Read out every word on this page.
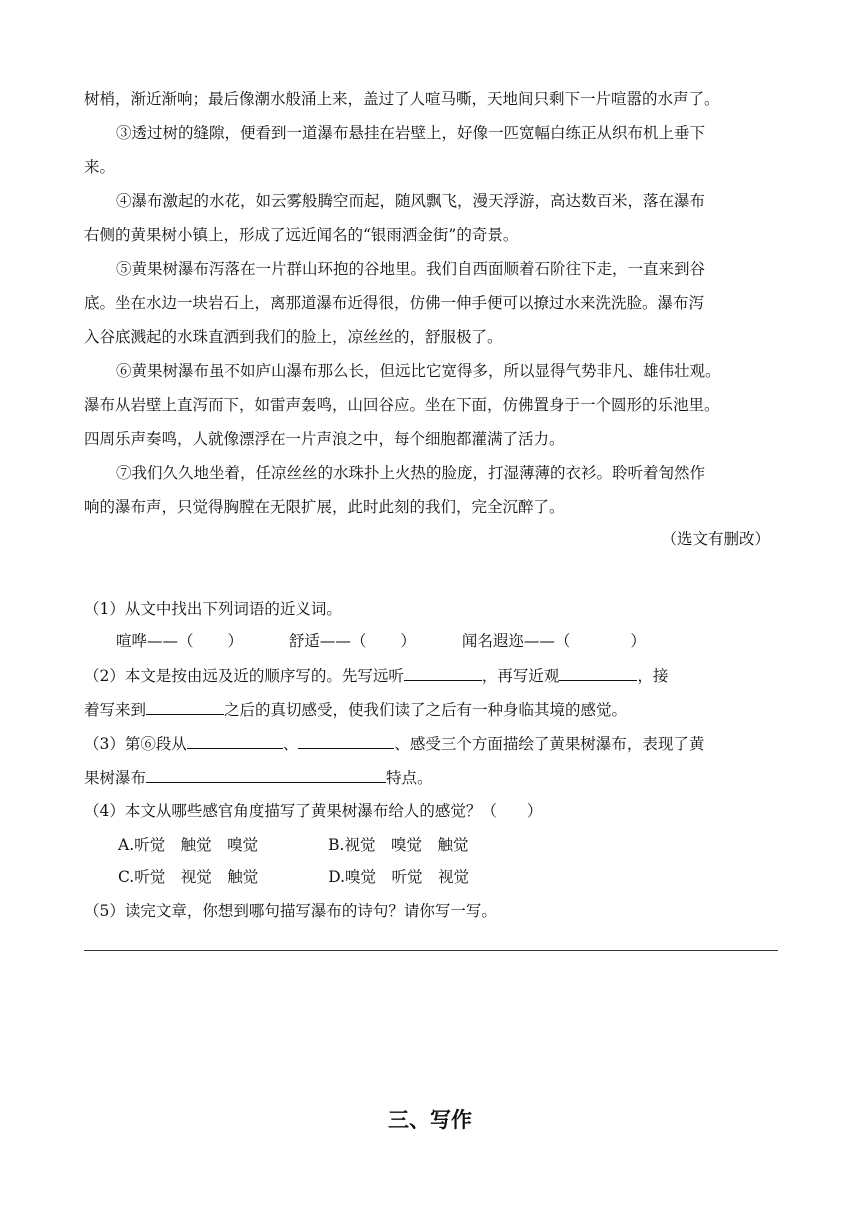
树梢，渐近渐响；最后像潮水般涌上来，盖过了人喧马嘶，天地间只剩下一片喧嚣的水声了。
③透过树的缝隙，便看到一道瀑布悬挂在岩壁上，好像一匹宽幅白练正从织布机上垂下
来。
④瀑布激起的水花，如云雾般腾空而起，随风飘飞，漫天浮游，高达数百米，落在瀑布
右侧的黄果树小镇上，形成了远近闻名的“银雨洒金街”的奇景。
⑤黄果树瀑布泻落在一片群山环抱的谷地里。我们自西面顺着石阶往下走，一直来到谷
底。坐在水边一块岩石上，离那道瀑布近得很，仿佛一伸手便可以撩过水来洗洗脸。瀑布泻
入谷底溅起的水珠直洒到我们的脸上，凉丝丝的，舒服极了。
⑥黄果树瀑布虽不如庐山瀑布那么长，但远比它宽得多，所以显得气势非凡、雄伟壮观。
瀑布从岩壁上直泻而下，如雷声轰鸣，山回谷应。坐在下面，仿佛置身于一个圆形的乐池里。
四周乐声奏鸣，人就像漂浮在一片声浪之中，每个细胞都灌满了活力。
⑦我们久久地坐着，任凉丝丝的水珠扑上火热的脸庞，打湿薄薄的衣衫。聆听着訇然作
响的瀑布声，只觉得胸膛在无限扩展，此时此刻的我们，完全沉醉了。
（选文有删改）
（1）从文中找出下列词语的近义词。
喧哗——（ ）	舒适——（ ）	闻名遐迩——（	）
（2）本文是按由远及近的顺序写的。先写远听	，再写近观	，接
着写来到	之后的真切感受，使我们读了之后有一种身临其境的感觉。
（3）第⑥段从	、	、感受三个方面描绘了黄果树瀑布，表现了黄
果树瀑布	特点。
（4）本文从哪些感官角度描写了黄果树瀑布给人的感觉？（ ）
A.听觉　触觉　嗅觉	B.视觉　嗅觉　触觉
C.听觉　视觉　触觉	D.嗅觉　听觉　视觉
（5）读完文章，你想到哪句描写瀑布的诗句？请你写一写。
三、写作
